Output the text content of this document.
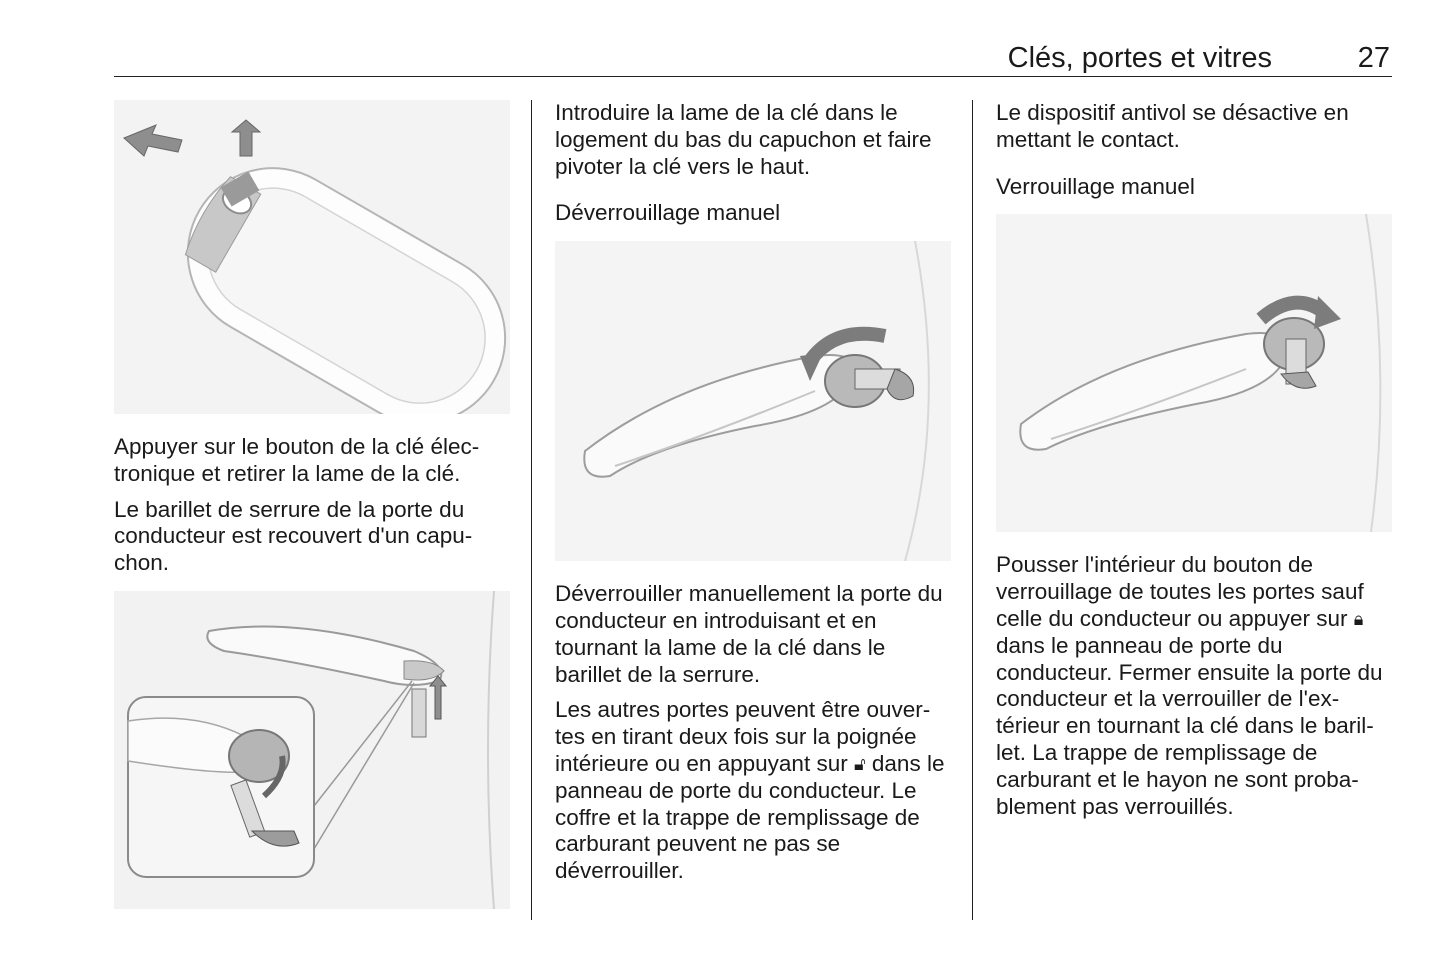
Clés, portes et vitres	27

Appuyer sur le bouton de la clé élec-tronique et retirer la lame de la clé.

Le barillet de serrure de la porte du conducteur est recouvert d'un capu-chon.

Introduire la lame de la clé dans le logement du bas du capuchon et faire pivoter la clé vers le haut.

Déverrouillage manuel

Déverrouiller manuellement la porte du conducteur en introduisant et en tournant la lame de la clé dans le barillet de la serrure.

Les autres portes peuvent être ouver-tes en tirant deux fois sur la poignée intérieure ou en appuyant sur 🔓︎ dans le panneau de porte du conducteur. Le coffre et la trappe de remplissage de carburant peuvent ne pas se déverrouiller.

Le dispositif antivol se désactive en mettant le contact.

Verrouillage manuel

Pousser l'intérieur du bouton de verrouillage de toutes les portes sauf celle du conducteur ou appuyer sur 🔒︎ dans le panneau de porte du conducteur. Fermer ensuite la porte du conducteur et la verrouiller de l'ex-térieur en tournant la clé dans le baril-let. La trappe de remplissage de carburant et le hayon ne sont proba-blement pas verrouillés.
